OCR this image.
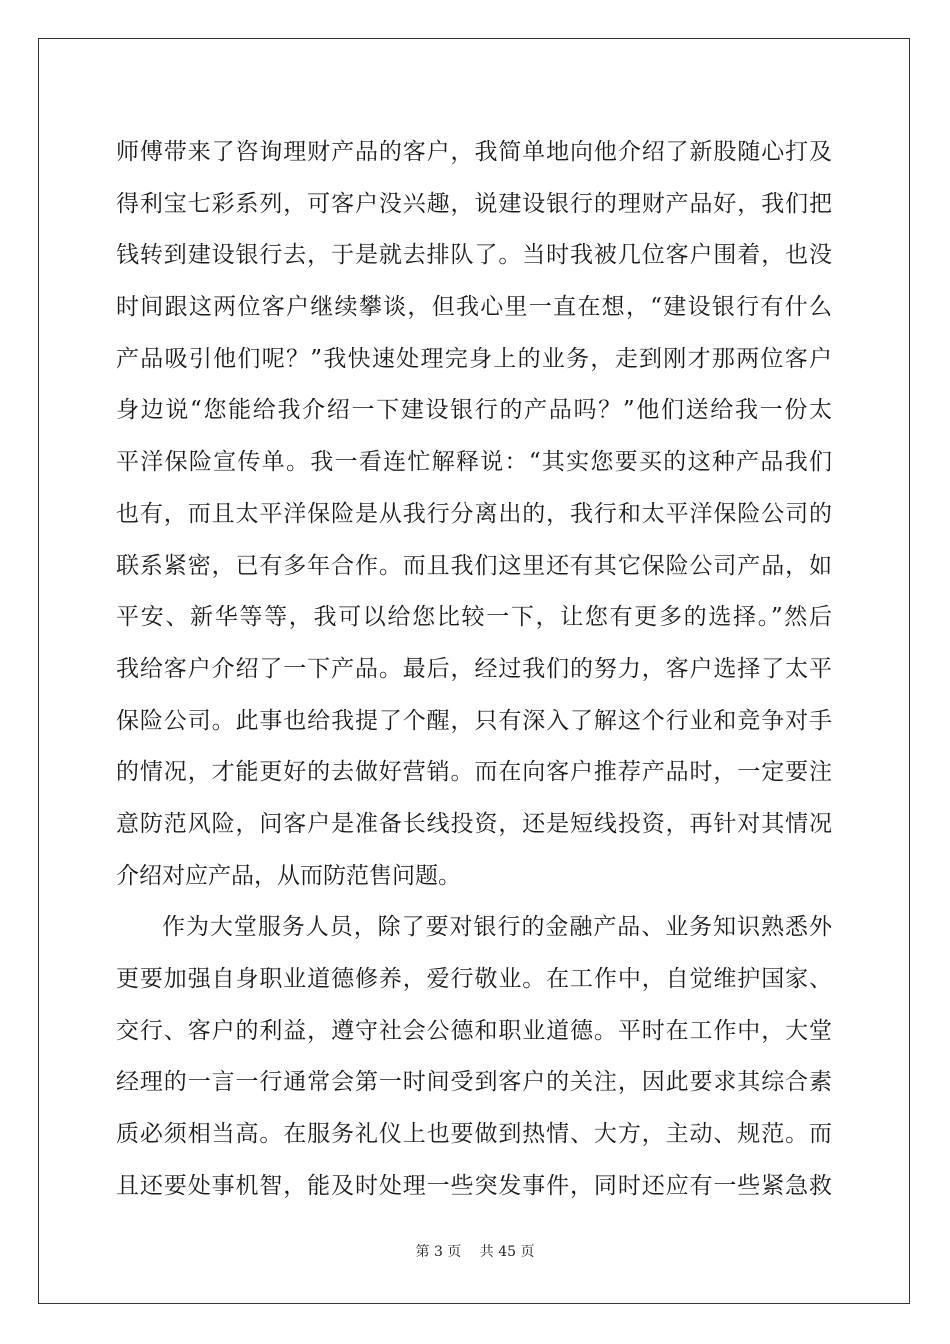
师傅带来了咨询理财产品的客户，我简单地向他介绍了新股随心打及
得利宝七彩系列，可客户没兴趣，说建设银行的理财产品好，我们把
钱转到建设银行去，于是就去排队了。当时我被几位客户围着，也没
时间跟这两位客户继续攀谈，但我心里一直在想，“建设银行有什么
产品吸引他们呢？”我快速处理完身上的业务，走到刚才那两位客户
身边说“您能给我介绍一下建设银行的产品吗？”他们送给我一份太
平洋保险宣传单。我一看连忙解释说：“其实您要买的这种产品我们
也有，而且太平洋保险是从我行分离出的，我行和太平洋保险公司的
联系紧密，已有多年合作。而且我们这里还有其它保险公司产品，如
平安、新华等等，我可以给您比较一下，让您有更多的选择。”然后
我给客户介绍了一下产品。最后，经过我们的努力，客户选择了太平
保险公司。此事也给我提了个醒，只有深入了解这个行业和竞争对手
的情况，才能更好的去做好营销。而在向客户推荐产品时，一定要注
意防范风险，问客户是准备长线投资，还是短线投资，再针对其情况
介绍对应产品，从而防范售问题。
作为大堂服务人员，除了要对银行的金融产品、业务知识熟悉外
更要加强自身职业道德修养，爱行敬业。在工作中，自觉维护国家、
交行、客户的利益，遵守社会公德和职业道德。平时在工作中，大堂
经理的一言一行通常会第一时间受到客户的关注，因此要求其综合素
质必须相当高。在服务礼仪上也要做到热情、大方，主动、规范。而
且还要处事机智，能及时处理一些突发事件，同时还应有一些紧急救
第 3 页 共 45 页
